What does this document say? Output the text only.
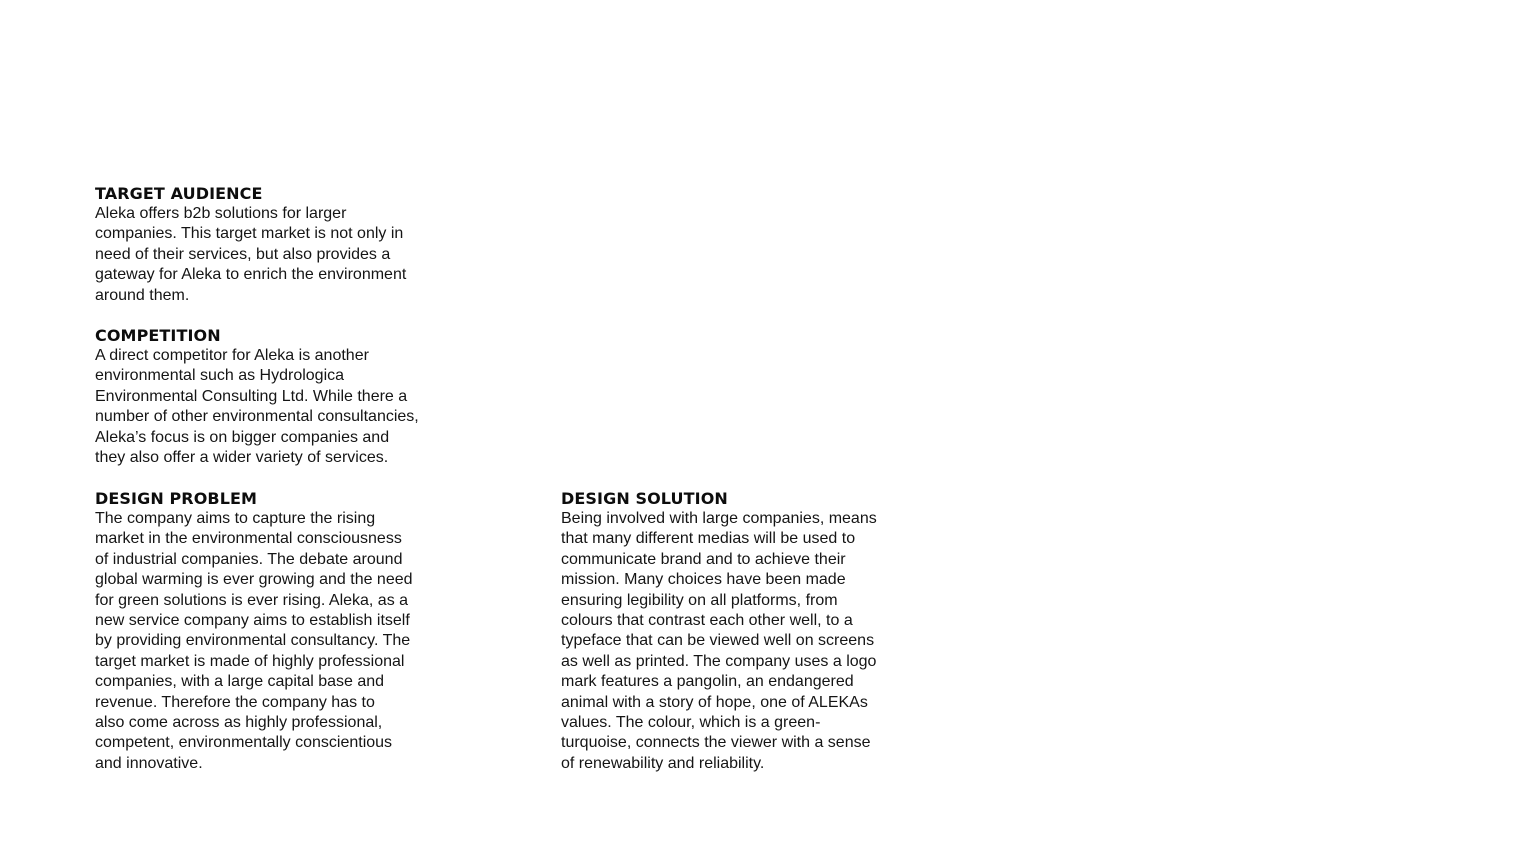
TARGET AUDIENCE

Aleka offers b2b solutions for larger
companies. This target market is not only in
need of their services, but also provides a
gateway for Aleka to enrich the environment
around them.

COMPETITION

A direct competitor for Aleka is another
environmental such as Hydrologica
Environmental Consulting Ltd. While there a
number of other environmental consultancies,
Aleka’s focus is on bigger companies and
they also offer a wider variety of services.

DESIGN PROBLEM

The company aims to capture the rising
market in the environmental consciousness
of industrial companies. The debate around
global warming is ever growing and the need
for green solutions is ever rising. Aleka, as a
new service company aims to establish itself
by providing environmental consultancy. The
target market is made of highly professional
companies, with a large capital base and
revenue. Therefore the company has to
also come across as highly professional,
competent, environmentally conscientious
and innovative.

DESIGN SOLUTION

Being involved with large companies, means
that many different medias will be used to
communicate brand and to achieve their
mission. Many choices have been made
ensuring legibility on all platforms, from
colours that contrast each other well, to a
typeface that can be viewed well on screens
as well as printed. The company uses a logo
mark features a pangolin, an endangered
animal with a story of hope, one of ALEKAs
values. The colour, which is a green-
turquoise, connects the viewer with a sense
of renewability and reliability.
